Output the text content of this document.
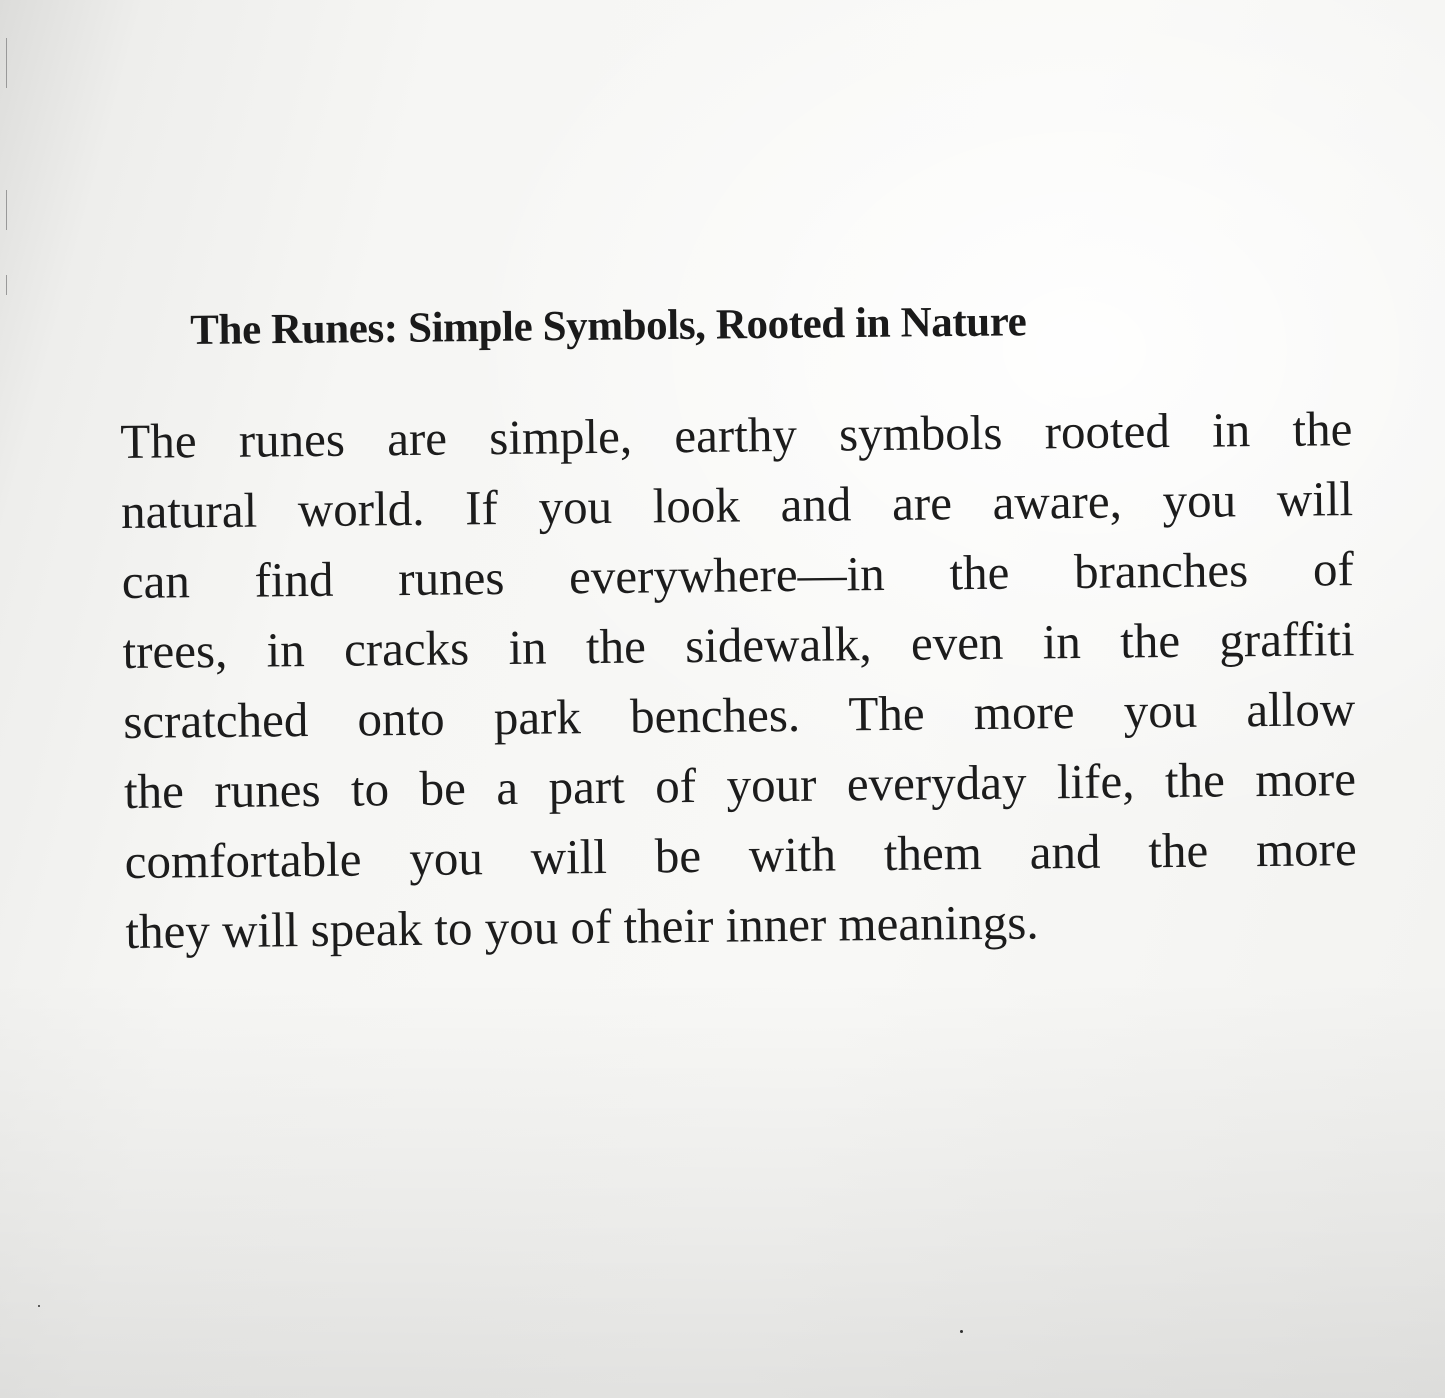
The Runes: Simple Symbols, Rooted in Nature
The runes are simple, earthy symbols rooted in the
natural world. If you look and are aware, you will
can find runes everywhere—in the branches of
trees, in cracks in the sidewalk, even in the graffiti
scratched onto park benches. The more you allow
the runes to be a part of your everyday life, the more
comfortable you will be with them and the more
they will speak to you of their inner meanings.
